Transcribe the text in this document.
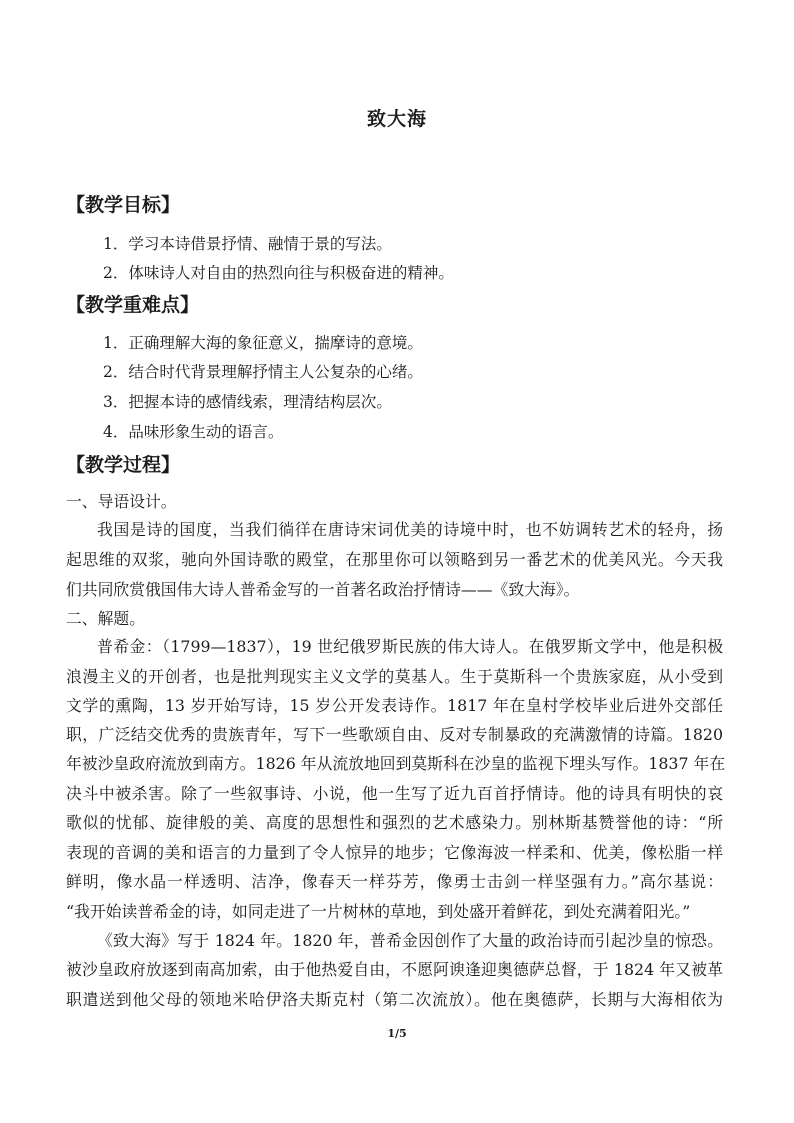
致大海
【教学目标】
1．学习本诗借景抒情、融情于景的写法。
2．体味诗人对自由的热烈向往与积极奋进的精神。
【教学重难点】
1．正确理解大海的象征意义，揣摩诗的意境。
2．结合时代背景理解抒情主人公复杂的心绪。
3．把握本诗的感情线索，理清结构层次。
4．品味形象生动的语言。
【教学过程】
一、导语设计。
我国是诗的国度，当我们徜徉在唐诗宋词优美的诗境中时，也不妨调转艺术的轻舟，扬
起思维的双浆，驰向外国诗歌的殿堂，在那里你可以领略到另一番艺术的优美风光。今天我
们共同欣赏俄国伟大诗人普希金写的一首著名政治抒情诗——《致大海》。
二、解题。
普希金：（1799—1837），19 世纪俄罗斯民族的伟大诗人。在俄罗斯文学中，他是积极
浪漫主义的开创者，也是批判现实主义文学的莫基人。生于莫斯科一个贵族家庭，从小受到
文学的熏陶，13 岁开始写诗，15 岁公开发表诗作。1817 年在皇村学校毕业后进外交部任
职，广泛结交优秀的贵族青年，写下一些歌颂自由、反对专制暴政的充满激情的诗篇。1820
年被沙皇政府流放到南方。1826 年从流放地回到莫斯科在沙皇的监视下埋头写作。1837 年在
决斗中被杀害。除了一些叙事诗、小说，他一生写了近九百首抒情诗。他的诗具有明快的哀
歌似的忧郁、旋律般的美、高度的思想性和强烈的艺术感染力。别林斯基赞誉他的诗：“所
表现的音调的美和语言的力量到了令人惊异的地步；它像海波一样柔和、优美，像松脂一样
鲜明，像水晶一样透明、洁净，像春天一样芬芳，像勇士击剑一样坚强有力。”高尔基说：
“我开始读普希金的诗，如同走进了一片树林的草地，到处盛开着鲜花，到处充满着阳光。”
《致大海》写于 1824 年。1820 年，普希金因创作了大量的政治诗而引起沙皇的惊恐。
被沙皇政府放逐到南高加索，由于他热爱自由，不愿阿谀逢迎奥德萨总督，于 1824 年又被革
职遣送到他父母的领地米哈伊洛夫斯克村（第二次流放）。他在奥德萨，长期与大海相依为
1/5
